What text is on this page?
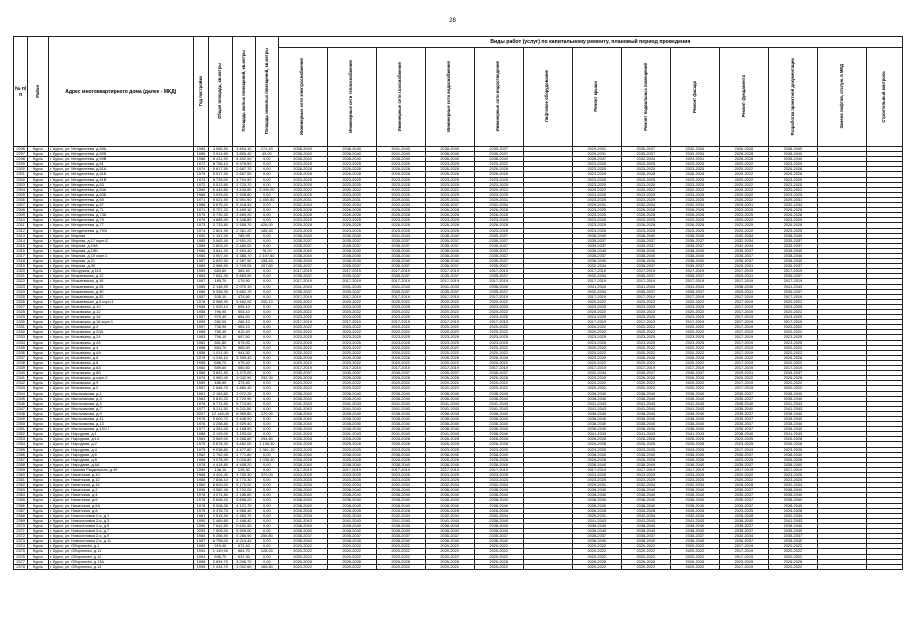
28
№ п/п	Район	Адрес многоквартирного дома (далее - МКД)	Год постройки	Общая площадь, кв.метры	Площадь жилых помещений, кв.метры	Площадь нежилых помещений, кв.метры	Виды работ (услуг) по капитальному ремонту, плановый период проведения												
							Инженерные сети электроснабжения	Инженерные сети теплоснабжения	Инженерные сети газоснабжения	Инженерные сети водоснабжения	Инженерные сети водоотведения	Лифтовое оборудование	Ремонт крыши	Ремонт подвальных помещений	Ремонт фасада	Ремонт фундамента	Разработка проектной документации	Замена лифтов, отслуж. в МКД	Строительный контроль
2296	Курск	г. Курск, ул. Менделеева, д.59А	1985	4 065,50	3 894,10	171,40	2038-2040	2038-2040	2041-2043	2038-2040	2035-2037		2029-2031	2035-2037	2032-2034	2026-2028	2038-2040		
2297	Курск	г. Курск, ул. Менделеева, д.59Б	1985	3 914,60	3 865,40	49,20	2038-2040	2038-2040	2041-2043	2038-2040	2035-2037		2029-2031	2035-2037	2032-2034	2026-2028	2038-2040		
2298	Курск	г. Курск, ул. Менделеева, д.59В	1988	8 411,90	8 402,90	9,00	2038-2040	2038-2040	2038-2040	2038-2040	2038-2040		2035-2037	2032-2034	2029-2031	2026-2028	2038-2040		
2299	Курск	г. Курск, ул. Менделеева, д.61	1972	8 756,10	5 978,90	0,00	2023-2025	2023-2025	2023-2025	2023-2025	2020-2022		2023-2025	2023-2025	2023-2025	2020-2022	2023-2025		
2300	Курск	г. Курск, ул. Менделеева, д.61А	1974	5 617,90	2 667,70	0,00	2026-2028	2026-2028	2026-2028	2026-2028	2026-2028		2023-2025	2023-2025	2023-2025	2020-2022	2026-2028		
2301	Курск	г. Курск, ул. Менделеева, д.61Б	1975	5 517,30	2 667,50	0,00	2026-2028	2026-2028	2026-2028	2026-2028	2026-2028		2023-2025	2026-2028	2026-2028	2020-2022	2026-2028		
2302	Курск	г. Курск, ул. Менделеева, д.61В	1973	5 725,00	4 704,90	0,00	2023-2025	2023-2025	2023-2025	2023-2025	2023-2025		2023-2025	2023-2025	2023-2025	2020-2022	2023-2025		
2303	Курск	г. Курск, ул. Менделеева, д.63	1972	5 513,90	2 723,70	0,00	2023-2025	2023-2025	2023-2025	2023-2025	2023-2025		2023-2025	2023-2025	2023-2025	2020-2022	2023-2025		
2304	Курск	г. Курск, ул. Менделеева, д.63А	1969	6 449,80	4 439,80	2 000,00	2020-2022	2020-2022	2020-2022	2020-2022	2020-2022		2020-2022	2020-2022	2020-2022	2020-2022	2020-2022		
2305	Курск	г. Курск, ул. Менделеева, д.63Б	1966	3 093,00	2 928,80	0,00	2023-2025	2023-2025	2023-2025	2023-2025	2023-2025		2023-2025	2023-2025	2023-2025	2020-2022	2023-2025		
2306	Курск	г. Курск, ул. Менделеева, д.65	1971	9 021,90	6 591,90	1 450,80	2029-2031	2029-2031	2029-2031	2029-2031	2029-2031		2023-2025	2023-2025	2023-2025	2020-2022	2029-2031		
2307	Курск	г. Курск, ул. Менделеева, д.67	1986	5 675,20	5 418,40	0,00	2032-2034	2032-2034	2032-2034	2035-2037	2032-2034		2029-2031	2032-2034	2032-2034	2029-2031	2032-2034		
2308	Курск	г. Курск, ул. Менделеева, д.71	1971	5 707,20	4 469,10	0,00	2026-2028	2026-2028	2026-2028	2026-2028	2026-2028		2023-2025	2026-2028	2026-2028	2023-2025	2026-2028		
2309	Курск	г. Курск, ул. Менделеева, д.73А	1975	5 739,30	2 669,20	0,00	2026-2028	2026-2028	2026-2028	2026-2028	2026-2028		2023-2025	2026-2028	2026-2028	2023-2025	2026-2028		
2310	Курск	г. Курск, ул. Менделеева, д.75	1975	4 685,40	4 346,80	0,00	2023-2025	2023-2025	2023-2025	2023-2025	2023-2025		2023-2025	2023-2025	2023-2025	2020-2022	2023-2025		
2311	Курск	г. Курск, ул. Менделеева, д.77	1973	3 733,80	2 558,70	426,00	2026-2028	2026-2028	2026-2028	2026-2028	2026-2028		2023-2025	2026-2028	2026-2028	2023-2025	2026-2028		
2312	Курск	г. Курск, ул. Менделеева, д.79/4	1974	2 801,90	2 361,20	185,40	2023-2025	2023-2025	2023-2025	2023-2025	2023-2025		2023-2025	2023-2025	2023-2025	2020-2022	2023-2025		
2313	Курск	г. Курск, ул. Мирная	1952	1 167,00	785,95	0,00	2038-2040	2038-2040	2041-2043	2038-2040	2035-2037		2038-2040	2038-2040	2038-2040	2032-2034	2038-2040		
2314	Курск	г. Курск, ул. Мирная, д.17 корп.Б	1985	3 062,40	2 951,20	0,00	2035-2037	2035-2037	2035-2037	2035-2037	2035-2037		2035-2037	2035-2037	2035-2037	2032-2034	2035-2037		
2315	Курск	г. Курск, ул. Мирная, д.19А	1985	2 803,20	2 480,00	0,00	2035-2037	2035-2037	2035-2037	2035-2037	2035-2037		2035-2037	2035-2037	2035-2037	2032-2034	2035-2037		
2316	Курск	г. Курск, ул. Мирная, д.19Б	1986	3 641,20	2 494,40	76,20	2038-2040	2038-2040	2038-2040	2038-2040	2035-2037		2038-2040	2038-2040	2038-2040	2035-2037	2038-2040		
2317	Курск	г. Курск, ул. Мирная, д.19 корп.1	1984	4 907,40	4 388,70	2 197,60	2038-2040	2038-2040	2038-2040	2038-2040	2035-2037		2035-2037	2038-2040	2038-2040	2035-2037	2038-2040		
2318	Курск	г. Курск, ул. Мирная, д.21	1987	2 620,30	2 387,90	158,50	2038-2040	2038-2040	2038-2040	2038-2040	2035-2037		2038-2040	2038-2040	2038-2040	2035-2037	2038-2040		
2319	Курск	г. Курск, ул. Мирная, д.30	1985	2 986,50	2 709,05	207,80	2035-2037	2035-2037	2035-2037	2035-2037	2035-2037		2032-2034	2035-2037	2035-2037	2029-2031	2035-2037		
2320	Курск	г. Курск, ул. Мичурина, д.115	1959	683,80	383,40	0,00	2017-2019	2017-2019	2017-2019	2017-2019	2017-2019		2017-2019	2017-2019	2017-2019	2017-2019	2017-2019		
2321	Курск	г. Курск, ул. Можаевская, д.12	1983	7 661,30	5 883,90	0,00	2035-2037	2035-2037	2035-2037	2035-2037	2035-2037		2032-2034	2035-2037	2035-2037	2029-2031	2035-2037		
2322	Курск	г. Курск, ул. Можаевская, д.16	1957	189,70	179,90	0,00	2017-2019	2017-2019	2017-2019	2017-2019	2017-2019		2017-2019	2017-2019	2017-2019	2017-2019	2017-2019		
2323	Курск	г. Курск, ул. Можаевская, д.28	1989	2 148,90	2 070,10	0,00	2041-2043	2041-2043	2041-2043	2041-2043	2038-2040		2041-2043	2041-2043	2041-2043	2038-2040	2041-2043		
2324	Курск	г. Курск, ул. Можаевская, д.30	1985	5 398,30	3 662,70	0,00	2035-2037	2035-2037	2035-2037	2035-2037	2035-2037		2032-2034	2035-2037	2035-2037	2029-2031	2035-2037		
2325	Курск	г. Курск, ул. Можаевская, д.32	1957	535,10	474,60	0,00	2017-2019	2017-2019	2017-2019	2017-2019	2017-2019		2017-2019	2017-2019	2017-2019	2017-2019	2017-2019		
2326	Курск	г. Курск, ул. Можаевская, д.6 корп.1	1976	5 988,90	5 562,00	200,10	2020-2022	2020-2022	2020-2022	2020-2022	2020-2022		2020-2022	2020-2022	2020-2022	2017-2019	2020-2022		
2327	Курск	г. Курск, ул. Моковская, д.10	1958	1 025,10	695,10	0,00	2023-2025	2023-2025	2023-2025	2023-2025	2023-2025		2023-2025	2023-2025	2023-2025	2017-2019	2023-2025		
2328	Курск	г. Курск, ул. Моковская, д.12	1956	796,90	503,10	0,00	2020-2022	2020-2022	2020-2022	2020-2022	2020-2022		2020-2022	2020-2022	2020-2022	2017-2019	2020-2022		
2329	Курск	г. Курск, ул. Моковская, д.16	1957	975,40	654,00	0,00	2023-2025	2023-2025	2023-2025	2023-2025	2023-2025		2023-2025	2023-2025	2023-2025	2017-2019	2023-2025		
2330	Курск	г. Курск, ул. Моковская, д.18 корп.1	1959	282,00	266,10	0,00	2017-2019	2017-2019	2017-2019	2017-2019	2017-2019		2017-2019	2017-2019	2017-2019	2017-2019	2017-2019		
2331	Курск	г. Курск, ул. Моковская, д.2	1957	735,90	463,10	0,00	2020-2022	2020-2022	2020-2022	2020-2022	2020-2022		2020-2022	2020-2022	2020-2022	2017-2019	2020-2022		
2332	Курск	г. Курск, ул. Моковская, д.20А	1958	766,40	612,40	0,00	2020-2022	2020-2022	2020-2022	2020-2022	2020-2022		2020-2022	2020-2022	2020-2022	2017-2019	2020-2022		
2333	Курск	г. Курск, ул. Моковская, д.24	1963	796,10	697,50	0,00	2023-2025	2023-2025	2023-2025	2023-2025	2023-2025		2023-2025	2023-2025	2023-2025	2017-2019	2023-2025		
2334	Курск	г. Курск, ул. Моковская, д.26	1962	581,80	579,00	0,00	2023-2025	2023-2025	2023-2025	2023-2025	2023-2025		2023-2025	2023-2025	2023-2025	2017-2019	2023-2025		
2335	Курск	г. Курск, ул. Моковская, д.4	1958	664,70	565,00	0,00	2020-2022	2020-2022	2020-2022	2020-2022	2020-2022		2020-2022	2020-2022	2020-2022	2017-2019	2020-2022		
2336	Курск	г. Курск, ул. Моковская, д.4А	1958	1 011,90	941,30	0,00	2020-2022	2020-2022	2020-2022	2020-2022	2020-2022		2020-2022	2020-2022	2020-2022	2017-2019	2020-2022		
2337	Курск	г. Курск, ул. Моковская, д.6	1975	4 336,10	3 309,40	0,00	2026-2028	2026-2028	2026-2028	2026-2028	2026-2028		2023-2025	2026-2028	2026-2028	2020-2022	2026-2028		
2338	Курск	г. Курск, ул. Моковская, д.8	1958	688,70	479,40	0,00	2020-2022	2020-2022	2020-2022	2020-2022	2020-2022		2020-2022	2020-2022	2020-2022	2017-2019	2020-2022		
2339	Курск	г. Курск, ул. Моковская, д.8А	1960	589,60	560,60	0,00	2017-2019	2017-2019	2017-2019	2017-2019	2017-2019		2017-2019	2017-2019	2017-2019	2017-2019	2017-2019		
2340	Курск	г. Курск, ул. Моковская, д.8Б	1986	3 851,50	3 470,00	0,00	2035-2037	2035-2037	2035-2037	2035-2037	2035-2037		2032-2034	2035-2037	2035-2037	2029-2031	2035-2037		
2341	Курск	г. Курск, ул. Моковская, д.корп.2	1975	3 960,40	3 042,90	292,30	2026-2028	2026-2028	2026-2028	2026-2028	2026-2028		2023-2025	2026-2028	2026-2028	2020-2022	2026-2028		
2342	Курск	г. Курск, ул. Моковская, д.9	1959	486,50	379,40	0,00	2020-2022	2020-2022	2020-2022	2020-2022	2020-2022		2020-2022	2020-2022	2020-2022	2017-2019	2020-2022		
2343	Курск	г. Курск, ул. Моковская, д.2	1957	1 846,70	1 880,40	0,00	2020-2022	2020-2022	2020-2022	2020-2022	2020-2022		2020-2022	2020-2022	2020-2022	2017-2019	2020-2022		
2344	Курск	г. Курск, ул. Мыльникова, д.1	1961	2 183,60	2 072,20	0,00	2038-2040	2038-2040	2038-2040	2038-2040	2038-2040		2038-2040	2038-2040	2038-2040	2035-2037	2038-2040		
2345	Курск	г. Курск, ул. Мыльникова, д.3	1963	3 810,20	3 720,90	0,00	2038-2040	2038-2040	2038-2040	2038-2040	2038-2040		2038-2040	2038-2040	2038-2040	2035-2037	2038-2040		
2346	Курск	г. Курск, ул. Мыльникова, д.5	1978	5 774,60	5 774,60	0,00	2041-2043	2041-2043	2041-2043	2041-2043	2041-2043		2041-2043	2041-2043	2041-2043	2038-2040	2041-2043		
2347	Курск	г. Курск, ул. Мыльникова, д.7	1977	8 211,50	8 211,50	0,00	2041-2043	2041-2043	2041-2043	2041-2043	2041-2043		2041-2043	2041-2043	2041-2043	2038-2040	2041-2043		
2348	Курск	г. Курск, ул. Мыльникова, д.9	2007	12 148,40	8 969,80	170,00	2038-2040	2038-2040	2038-2040	2038-2040	2038-2040		2038-2040	2038-2040	2038-2040	2035-2037	2038-2040		
2349	Курск	г. Курск, ул. Мыльникова, д.11	1976	5 600,70	5 448,90	0,00	2038-2040	2038-2040	2038-2040	2038-2040	2038-2040		2038-2040	2038-2040	2038-2040	2035-2037	2038-2040		
2350	Курск	г. Курск, ул. Мыльникова, д.13	1976	4 258,80	3 929,40	0,00	2038-2040	2038-2040	2038-2040	2038-2040	2038-2040		2038-2040	2038-2040	2038-2040	2035-2037	2038-2040		
2351	Курск	г. Курск, ул. Мыльникова, д.15/17	1977	4 361,00	4 188,90	0,00	2038-2040	2038-2040	2038-2040	2038-2040	2038-2040		2038-2040	2038-2040	2038-2040	2035-2037	2038-2040		
2352	Курск	г. Курск, ул. Народная, д.1	1988	3 193,00	3 193,00	0,00	2041-2043	2041-2043	2041-2043	2041-2043	2038-2040		2041-2043	2041-2043	2041-2043	2038-2040	2041-2043		
2353	Курск	г. Курск, ул. Народная, д.14	1963	3 569,00	3 266,60	294,80	2026-2028	2026-2028	2026-2028	2026-2028	2026-2028		2026-2028	2026-2028	2026-2028	2023-2025	2026-2028		
2354	Курск	г. Курск, ул. Народная, д.2	1975	5 878,30	4 682,00	1 196,30	2026-2028	2026-2028	2026-2028	2026-2028	2026-2028		2026-2028	2026-2028	2026-2028	2023-2025	2026-2028		
2355	Курск	г. Курск, ул. Народная, д.4	1975	9 038,80	4 477,80	1 361,10	2023-2025	2023-2025	2023-2025	2023-2025	2023-2025		2023-2025	2023-2025	2023-2025	2017-2019	2023-2025		
2356	Курск	г. Курск, ул. Народная, д.6	1962	2 762,40	2 771,80	0,00	2038-2040	2038-2040	2038-2040	2038-2040	2038-2040		2038-2040	2038-2040	2038-2040	2035-2037	2038-2040		
2357	Курск	г. Курск, ул. Народная, д.8	1968	3 078,40	3 028,80	1 036,40	2026-2028	2026-2028	2026-2028	2026-2028	2026-2028		2026-2028	2026-2028	2026-2028	2023-2025	2026-2028		
2358	Курск	г. Курск, ул. Народная, д.8А	1978	4 418,80	4 408,20	0,00	2038-2040	2038-2040	2038-2040	2038-2040	2038-2040		2038-2040	2038-2040	2038-2040	2035-2037	2038-2040		
2359	Курск	г. Курск, ул. Нижняя Раздельная, д.49	1959	138,10	128,30	0,00	2017-2019	2017-2019	2017-2019	2017-2019	2017-2019		2017-2019	2017-2019	2017-2019	2017-2019	2017-2019		
2360	Курск	г. Курск, ул. Никитская, д.10	1968	4 404,40	3 750,30	370,00	2023-2025	2023-2025	2023-2025	2023-2025	2023-2025		2023-2025	2023-2025	2023-2025	2020-2022	2023-2025		
2361	Курск	г. Курск, ул. Никитская, д.12	1968	7 836,10	5 773,30	0,00	2023-2025	2023-2025	2023-2025	2023-2025	2023-2025		2023-2025	2023-2025	2023-2025	2020-2022	2023-2025		
2362	Курск	г. Курск, ул. Никитская, д.16	1980	5 620,00	5 170,00	0,00	2032-2034	2032-2034	2032-2034	2032-2034	2032-2034		2029-2031	2032-2034	2032-2034	2026-2028	2032-2034		
2363	Курск	г. Курск, ул. Никитская, д.2	1956	4 082,40	3 722,00	0,00	2038-2040	2038-2040	2038-2040	2038-2040	2038-2040		2038-2040	2038-2040	2038-2040	2035-2037	2038-2040		
2364	Курск	г. Курск, ул. Никитская, д.4	1978	4 074,80	2 185,80	0,00	2038-2040	2038-2040	2038-2040	2038-2040	2038-2040		2038-2040	2038-2040	2038-2040	2035-2037	2038-2040		
2365	Курск	г. Курск, ул. Никитская, д.6	1978	5 698,20	5 698,20	0,00	2038-2040	2038-2040	2038-2040	2038-2040	2038-2040		2038-2040	2038-2040	2038-2040	2035-2037	2038-2040		
2366	Курск	г. Курск, ул. Никитская, д.6А	1978	5 008,30	4 121,70	0,00	2038-2040	2038-2040	2038-2040	2038-2040	2038-2040		2038-2040	2038-2040	2038-2040	2035-2037	2038-2040		
2367	Курск	г. Курск, ул. Никитская, д.8	1975	5 376,70	3 966,40	0,00	2026-2028	2026-2028	2026-2028	2026-2028	2026-2028		2026-2028	2026-2028	2026-2028	2023-2025	2026-2028		
2368	Курск	г. Курск, ул. Новоселовка 2-я, д.1	1981	2 515,30	2 460,70	0,00	2032-2034	2032-2034	2032-2034	2032-2034	2032-2034		2029-2031	2032-2034	2032-2034	2026-2028	2032-2034		
2369	Курск	г. Курск, ул. Новоселовка 2-я, д.3	1990	2 469,60	2 448,40	0,00	2041-2043	2041-2043	2041-2043	2041-2043	2038-2040		2041-2043	2041-2043	2041-2043	2038-2040	2041-2043		
2370	Курск	г. Курск, ул. Новоселовка 2-я, д.5	1990	7 642,50	5 631,40	0,00	2038-2040	2038-2040	2038-2040	2038-2040	2038-2040		2038-2040	2038-2040	2038-2040	2035-2037	2038-2040		
2371	Курск	г. Курск, ул. Новоселовка 2-я, д.7	2009	7 505,00	5 505,00	0,00	2038-2040	2038-2040	2038-2040	2038-2040	2038-2040		2038-2040	2038-2040	2038-2040	2035-2037	2038-2040		
2372	Курск	г. Курск, ул. Новоселовка 2-я, д.9	1985	5 266,90	5 266,90	256,80	2035-2037	2035-2037	2035-2037	2035-2037	2035-2037		2035-2037	2035-2037	2035-2037	2032-2034	2035-2037		
2373	Курск	г. Курск, ул. Новоселовка 2-я, д.11	1987	6 798,00	6 213,40	0,00	2038-2040	2038-2040	2038-2040	2038-2040	2038-2040		2038-2040	2038-2040	2038-2040	2035-2037	2038-2040		
2374	Курск	г. Курск, ул. Оборонная, д.1	1955	915,40	672,40	0,00	2020-2022	2020-2022	2020-2022	2020-2022	2020-2022		2020-2022	2020-2022	2020-2022	2017-2019	2020-2022		
2375	Курск	г. Курск, ул. Оборонная, д.11	1954	1 149,00	864,70	128,20	2020-2022	2020-2022	2020-2022	2020-2022	2020-2022		2020-2022	2020-2022	2020-2022	2017-2019	2020-2022		
2376	Курск	г. Курск, ул. Оборонная, д.12	1954	598,70	537,30	0,00	2020-2022	2020-2022	2020-2022	2020-2022	2020-2022		2020-2022	2020-2022	2020-2022	2017-2019	2020-2022		
2377	Курск	г. Курск, ул. Оборонная, д.13А	1966	3 894,70	3 266,70	0,00	2026-2028	2026-2028	2026-2028	2026-2028	2026-2028		2026-2028	2026-2028	2026-2028	2023-2025	2026-2028		
2378	Курск	г. Курск, ул. Оборонная, д.14	1955	1 434,70	1 002,60	166,80	2020-2022	2020-2022	2020-2022	2020-2022	2020-2022		2020-2022	2020-2022	2020-2022	2017-2019	2020-2022		
